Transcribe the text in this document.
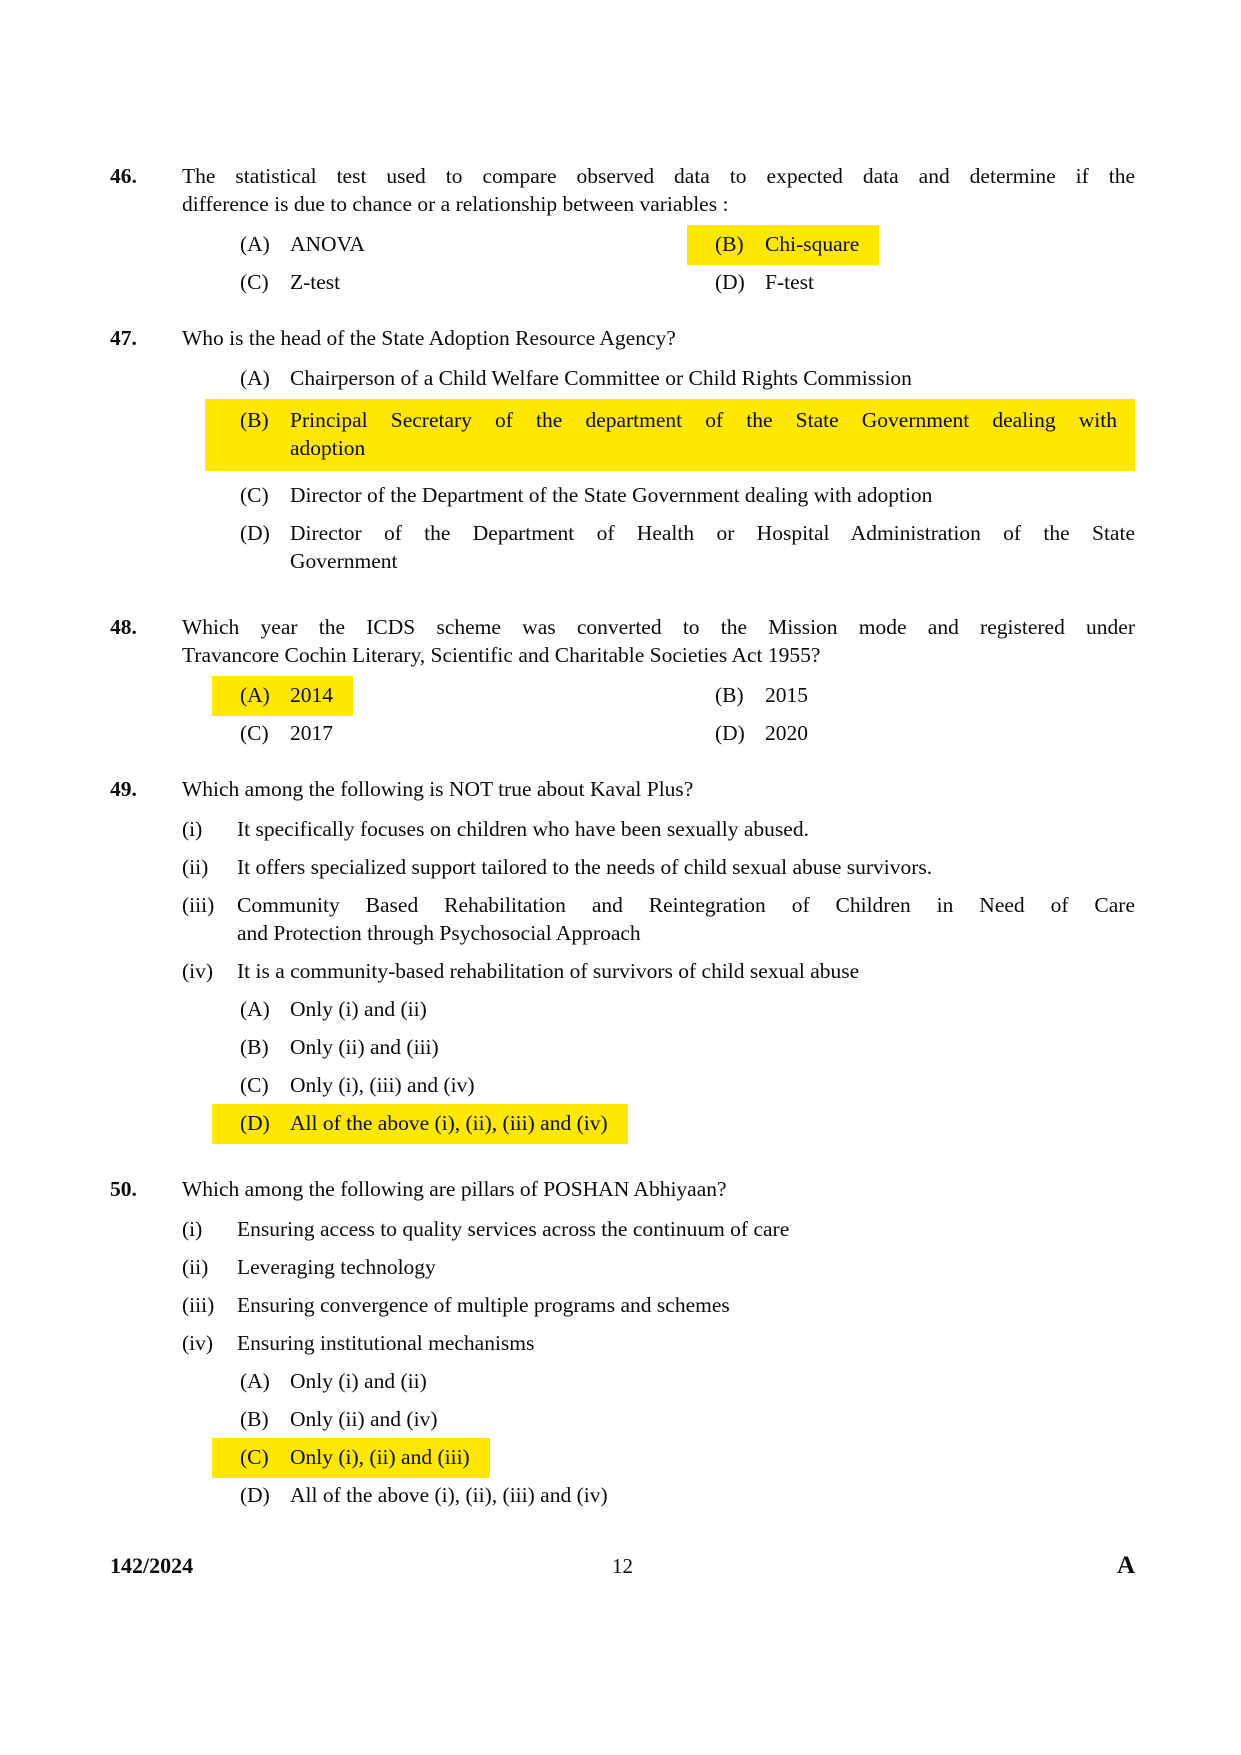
46.	The statistical test used to compare observed data to expected data and determine if the
difference is due to chance or a relationship between variables :
(A) ANOVA	(B) Chi-square
(C) Z-test	(D) F-test
47.	Who is the head of the State Adoption Resource Agency?
(A) Chairperson of a Child Welfare Committee or Child Rights Commission
(B) Principal Secretary of the department of the State Government dealing with
adoption
(C) Director of the Department of the State Government dealing with adoption
(D) Director of the Department of Health or Hospital Administration of the State
Government
48.	Which year the ICDS scheme was converted to the Mission mode and registered under
Travancore Cochin Literary, Scientific and Charitable Societies Act 1955?
(A) 2014	(B) 2015
(C) 2017	(D) 2020
49.	Which among the following is NOT true about Kaval Plus?
(i)	It specifically focuses on children who have been sexually abused.
(ii)	It offers specialized support tailored to the needs of child sexual abuse survivors.
(iii)	Community Based Rehabilitation and Reintegration of Children in Need of Care
and Protection through Psychosocial Approach
(iv)	It is a community-based rehabilitation of survivors of child sexual abuse
(A) Only (i) and (ii)
(B) Only (ii) and (iii)
(C) Only (i), (iii) and (iv)
(D) All of the above (i), (ii), (iii) and (iv)
50.	Which among the following are pillars of POSHAN Abhiyaan?
(i)	Ensuring access to quality services across the continuum of care
(ii)	Leveraging technology
(iii)	Ensuring convergence of multiple programs and schemes
(iv)	Ensuring institutional mechanisms
(A) Only (i) and (ii)
(B) Only (ii) and (iv)
(C) Only (i), (ii) and (iii)
(D) All of the above (i), (ii), (iii) and (iv)
142/2024	12	A
